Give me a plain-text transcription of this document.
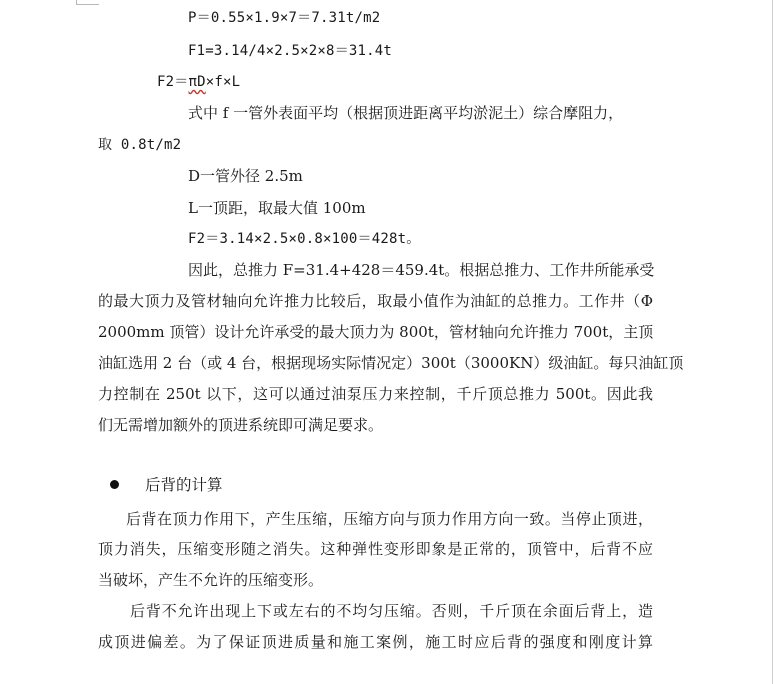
P＝0.55×1.9×7＝7.31t/m2
F1=3.14/4×2.5×2×8＝31.4t
F2＝πD×f×L
式中 f 一管外表面平均（根据顶进距离平均淤泥土）综合摩阻力，
取 0.8t/m2
D一管外径 2.5m
L一顶距，取最大值 100m
F2＝3.14×2.5×0.8×100＝428t。
因此，总推力 F=31.4+428＝459.4t。根据总推力、工作井所能承受
的最大顶力及管材轴向允许推力比较后，取最小值作为油缸的总推力。工作井（Φ
2000mm 顶管）设计允许承受的最大顶力为 800t，管材轴向允许推力 700t，主顶
油缸选用 2 台（或 4 台，根据现场实际情况定）300t（3000KN）级油缸。每只油缸顶
力控制在 250t 以下，这可以通过油泵压力来控制，千斤顶总推力 500t。因此我
们无需增加额外的顶进系统即可满足要求。
后背的计算
后背在顶力作用下，产生压缩，压缩方向与顶力作用方向一致。当停止顶进，
顶力消失，压缩变形随之消失。这种弹性变形即象是正常的，顶管中，后背不应
当破坏，产生不允许的压缩变形。
后背不允许出现上下或左右的不均匀压缩。否则，千斤顶在余面后背上，造
成顶进偏差。为了保证顶进质量和施工案例，施工时应后背的强度和刚度计算
